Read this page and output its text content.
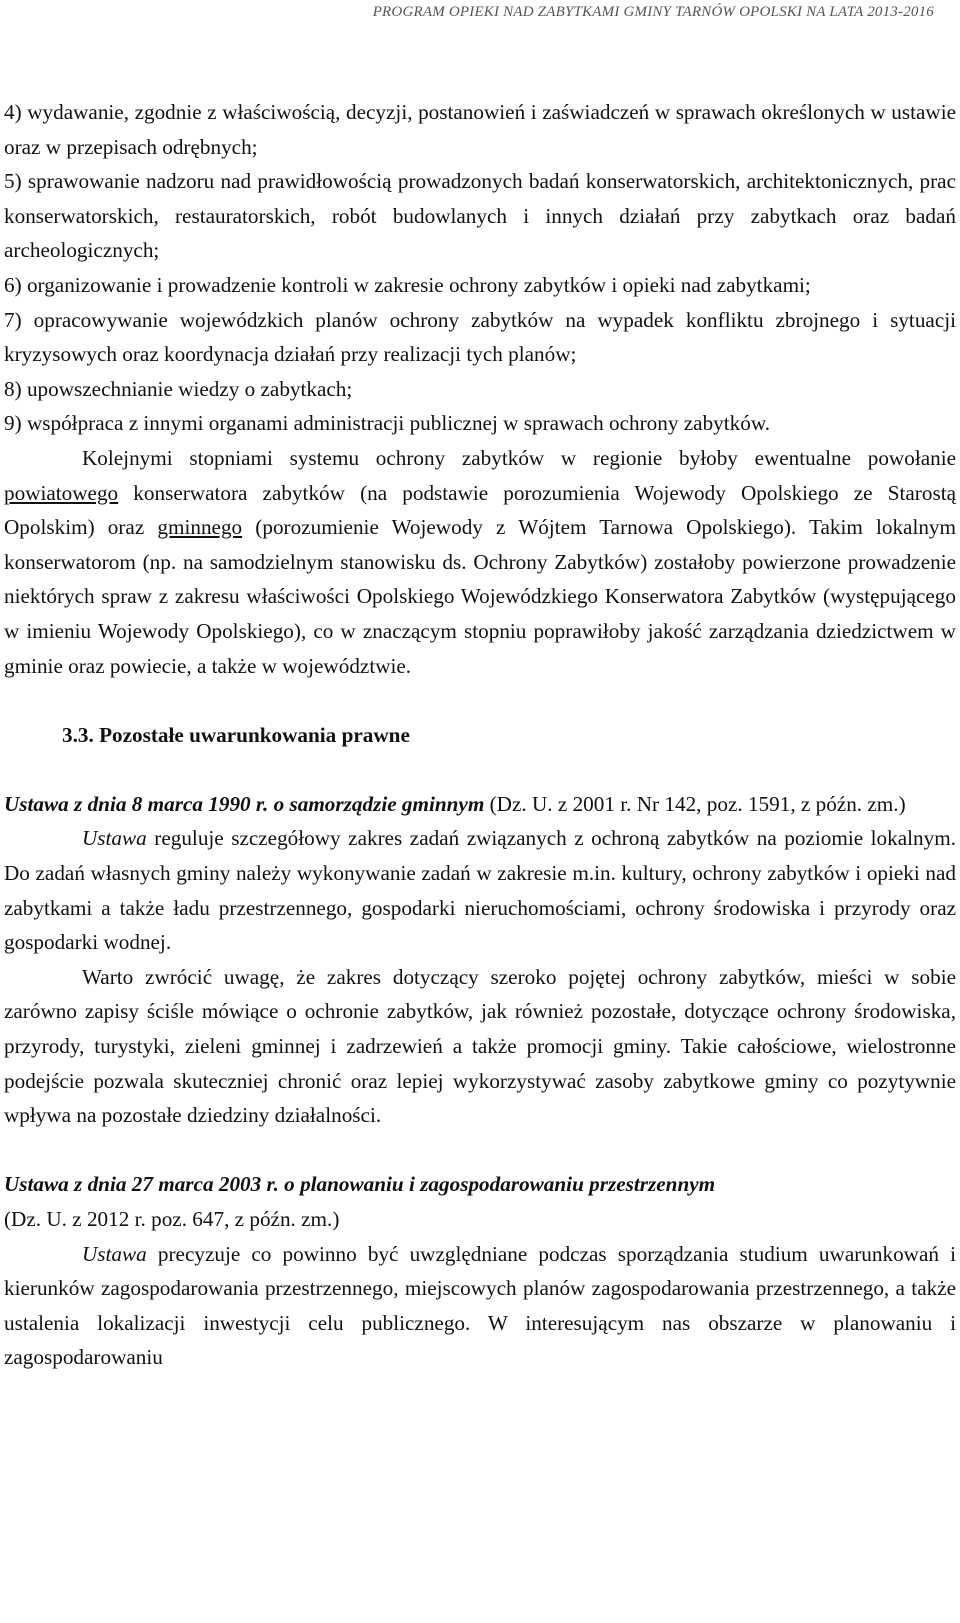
PROGRAM OPIEKI NAD ZABYTKAMI GMINY TARNÓW OPOLSKI NA LATA 2013-2016

4) wydawanie, zgodnie z właściwością, decyzji, postanowień i zaświadczeń w sprawach określonych w ustawie oraz w przepisach odrębnych;

5) sprawowanie nadzoru nad prawidłowością prowadzonych badań konserwatorskich, architektonicznych, prac konserwatorskich, restauratorskich, robót budowlanych i innych działań przy zabytkach oraz badań archeologicznych;

6) organizowanie i prowadzenie kontroli w zakresie ochrony zabytków i opieki nad zabytkami;

7) opracowywanie wojewódzkich planów ochrony zabytków na wypadek konfliktu zbrojnego i sytuacji kryzysowych oraz koordynacja działań przy realizacji tych planów;

8) upowszechnianie wiedzy o zabytkach;

9) współpraca z innymi organami administracji publicznej w sprawach ochrony zabytków.

Kolejnymi stopniami systemu ochrony zabytków w regionie byłoby ewentualne powołanie powiatowego konserwatora zabytków (na podstawie porozumienia Wojewody Opolskiego ze Starostą Opolskim) oraz gminnego (porozumienie Wojewody z Wójtem Tarnowa Opolskiego). Takim lokalnym konserwatorom (np. na samodzielnym stanowisku ds. Ochrony Zabytków) zostałoby powierzone prowadzenie niektórych spraw z zakresu właściwości Opolskiego Wojewódzkiego Konserwatora Zabytków (występującego w imieniu Wojewody Opolskiego), co w znaczącym stopniu poprawiłoby jakość zarządzania dziedzictwem w gminie oraz powiecie, a także w województwie.

3.3. Pozostałe uwarunkowania prawne

Ustawa z dnia 8 marca 1990 r. o samorządzie gminnym (Dz. U. z 2001 r. Nr 142, poz. 1591, z późn. zm.)

Ustawa reguluje szczegółowy zakres zadań związanych z ochroną zabytków na poziomie lokalnym. Do zadań własnych gminy należy wykonywanie zadań w zakresie m.in. kultury, ochrony zabytków i opieki nad zabytkami a także ładu przestrzennego, gospodarki nieruchomościami, ochrony środowiska i przyrody oraz gospodarki wodnej.

Warto zwrócić uwagę, że zakres dotyczący szeroko pojętej ochrony zabytków, mieści w sobie zarówno zapisy ściśle mówiące o ochronie zabytków, jak również pozostałe, dotyczące ochrony środowiska, przyrody, turystyki, zieleni gminnej i zadrzewień a także promocji gminy. Takie całościowe, wielostronne podejście pozwala skuteczniej chronić oraz lepiej wykorzystywać zasoby zabytkowe gminy co pozytywnie wpływa na pozostałe dziedziny działalności.

Ustawa z dnia 27 marca 2003 r. o planowaniu i zagospodarowaniu przestrzennym

(Dz. U. z 2012 r. poz. 647, z późn. zm.)

Ustawa precyzuje co powinno być uwzględniane podczas sporządzania studium uwarunkowań i kierunków zagospodarowania przestrzennego, miejscowych planów zagospodarowania przestrzennego, a także ustalenia lokalizacji inwestycji celu publicznego. W interesującym nas obszarze w planowaniu i zagospodarowaniu
